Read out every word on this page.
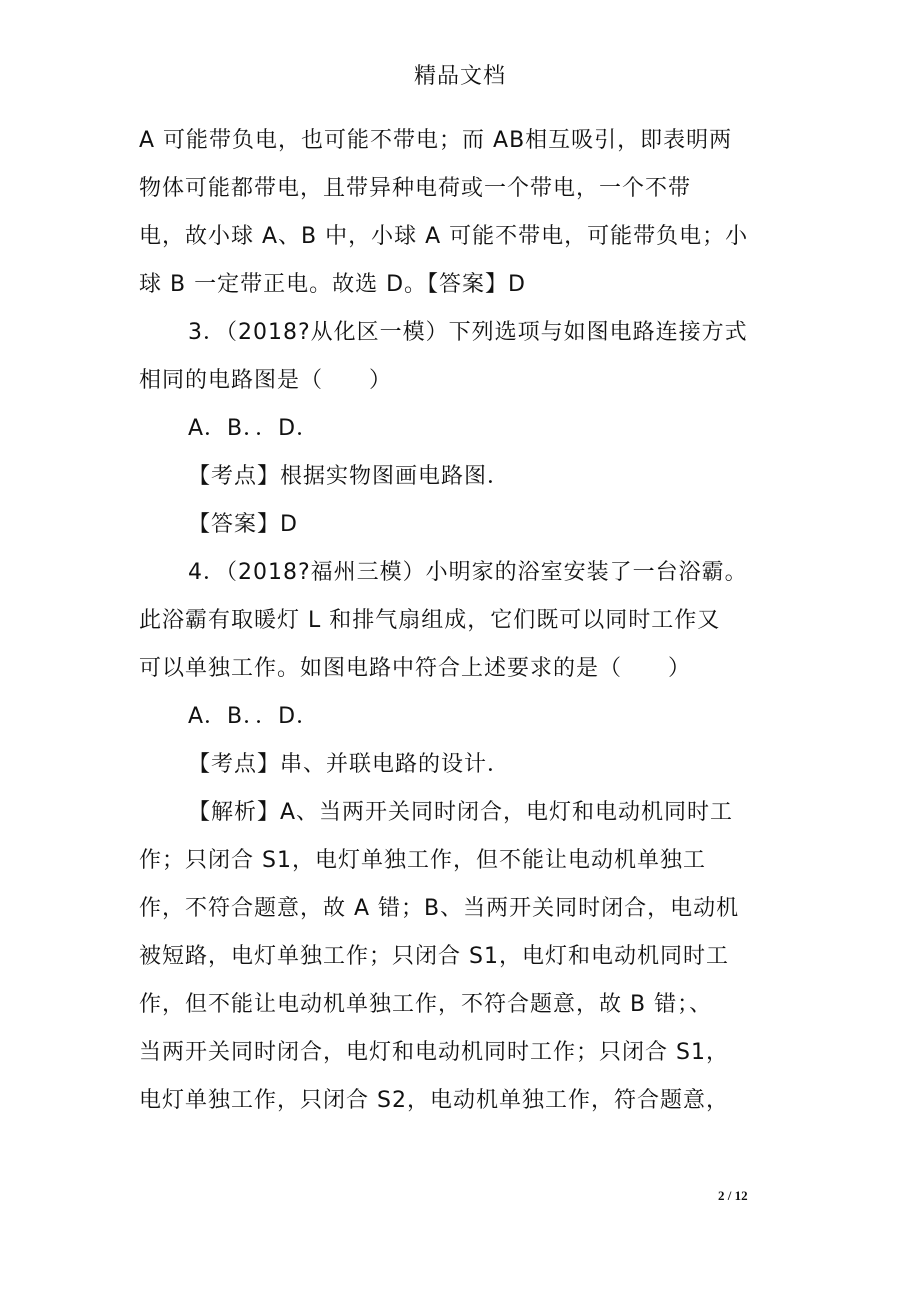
精品文档
A 可能带负电，也可能不带电；而 AB相互吸引，即表明两
物体可能都带电，且带异种电荷或一个带电，一个不带
电，故小球 A、B 中，小球 A 可能不带电，可能带负电；小
球 B 一定带正电。故选 D。【答案】D
3．（2018?从化区一模）下列选项与如图电路连接方式
相同的电路图是（　　）
A．B．．D．
【考点】根据实物图画电路图．
【答案】D
4．（2018?福州三模）小明家的浴室安装了一台浴霸。
此浴霸有取暖灯 L 和排气扇组成，它们既可以同时工作又
可以单独工作。如图电路中符合上述要求的是（　　）
A．B．．D．
【考点】串、并联电路的设计．
【解析】A、当两开关同时闭合，电灯和电动机同时工
作；只闭合 S1，电灯单独工作，但不能让电动机单独工
作，不符合题意，故 A 错；B、当两开关同时闭合，电动机
被短路，电灯单独工作；只闭合 S1，电灯和电动机同时工
作，但不能让电动机单独工作，不符合题意，故 B 错；、
当两开关同时闭合，电灯和电动机同时工作；只闭合 S1，
电灯单独工作，只闭合 S2，电动机单独工作，符合题意，
2 / 12
